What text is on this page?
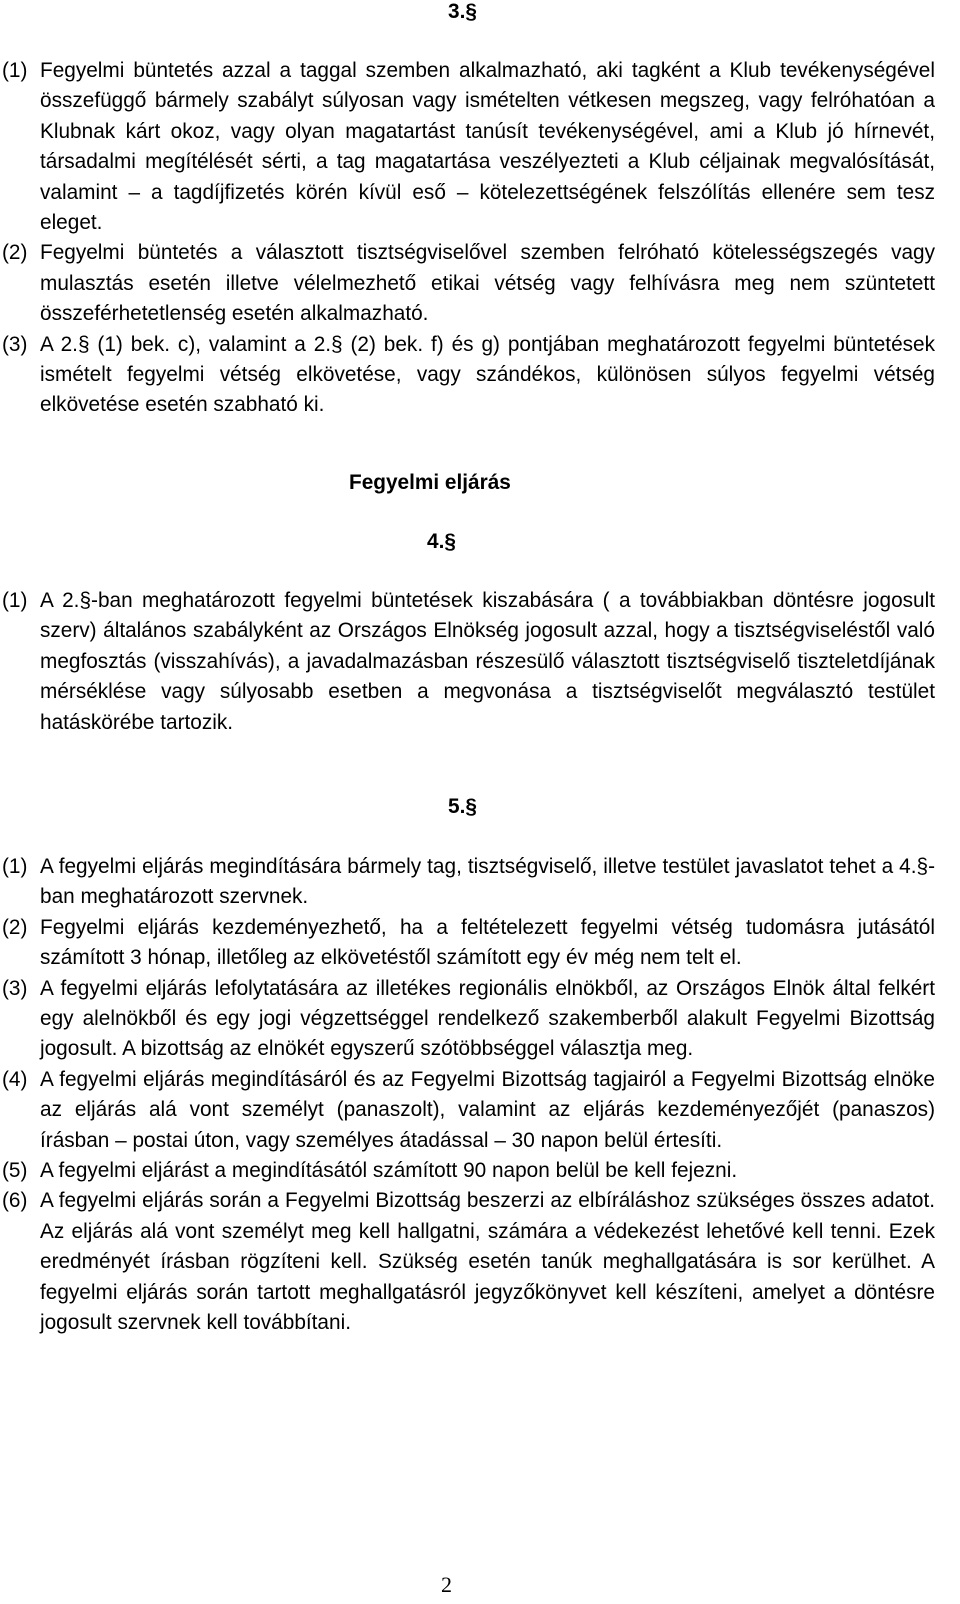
3.§
(1) Fegyelmi büntetés azzal a taggal szemben alkalmazható, aki tagként a Klub tevékenységével összefüggő bármely szabályt súlyosan vagy ismételten vétkesen megszeg, vagy felróhatóan a Klubnak kárt okoz, vagy olyan magatartást tanúsít tevékenységével, ami a Klub jó hírnevét, társadalmi megítélését sérti, a tag magatartása veszélyezteti a Klub céljainak megvalósítását, valamint – a tagdíjfizetés körén kívül eső – kötelezettségének felszólítás ellenére sem tesz eleget.
(2) Fegyelmi büntetés a választott tisztségviselővel szemben felróható kötelességszegés vagy mulasztás esetén illetve vélelmezhető etikai vétség vagy felhívásra meg nem szüntetett összeférhetetlenség esetén alkalmazható.
(3) A 2.§ (1) bek. c), valamint a 2.§ (2) bek. f) és g) pontjában meghatározott fegyelmi büntetések ismételt fegyelmi vétség elkövetése, vagy szándékos, különösen súlyos fegyelmi vétség elkövetése esetén szabható ki.
Fegyelmi eljárás
4.§
(1) A 2.§-ban meghatározott fegyelmi büntetések kiszabására ( a továbbiakban döntésre jogosult szerv) általános szabályként az Országos Elnökség jogosult azzal, hogy a tisztségviseléstől való megfosztás (visszahívás), a javadalmazásban részesülő választott tisztségviselő tiszteletdíjának mérséklése vagy súlyosabb esetben a megvonása a tisztségviselőt megválasztó testület hatáskörébe tartozik.
5.§
(1) A fegyelmi eljárás megindítására bármely tag, tisztségviselő, illetve testület javaslatot tehet a 4.§-ban meghatározott szervnek.
(2) Fegyelmi eljárás kezdeményezhető, ha a feltételezett fegyelmi vétség tudomásra jutásától számított 3 hónap, illetőleg az elkövetéstől számított egy év még nem telt el.
(3) A fegyelmi eljárás lefolytatására az illetékes regionális elnökből, az Országos Elnök által felkért egy alelnökből és egy jogi végzettséggel rendelkező szakemberből alakult Fegyelmi Bizottság jogosult. A bizottság az elnökét egyszerű szótöbbséggel választja meg.
(4) A fegyelmi eljárás megindításáról és az Fegyelmi Bizottság tagjairól a Fegyelmi Bizottság elnöke az eljárás alá vont személyt (panaszolt), valamint az eljárás kezdeményezőjét (panaszos) írásban – postai úton, vagy személyes átadással – 30 napon belül értesíti.
(5) A fegyelmi eljárást a megindításától számított 90 napon belül be kell fejezni.
(6) A fegyelmi eljárás során a Fegyelmi Bizottság beszerzi az elbíráláshoz szükséges összes adatot. Az eljárás alá vont személyt meg kell hallgatni, számára a védekezést lehetővé kell tenni. Ezek eredményét írásban rögzíteni kell. Szükség esetén tanúk meghallgatására is sor kerülhet. A fegyelmi eljárás során tartott meghallgatásról jegyzőkönyvet kell készíteni, amelyet a döntésre jogosult szervnek kell továbbítani.
2
